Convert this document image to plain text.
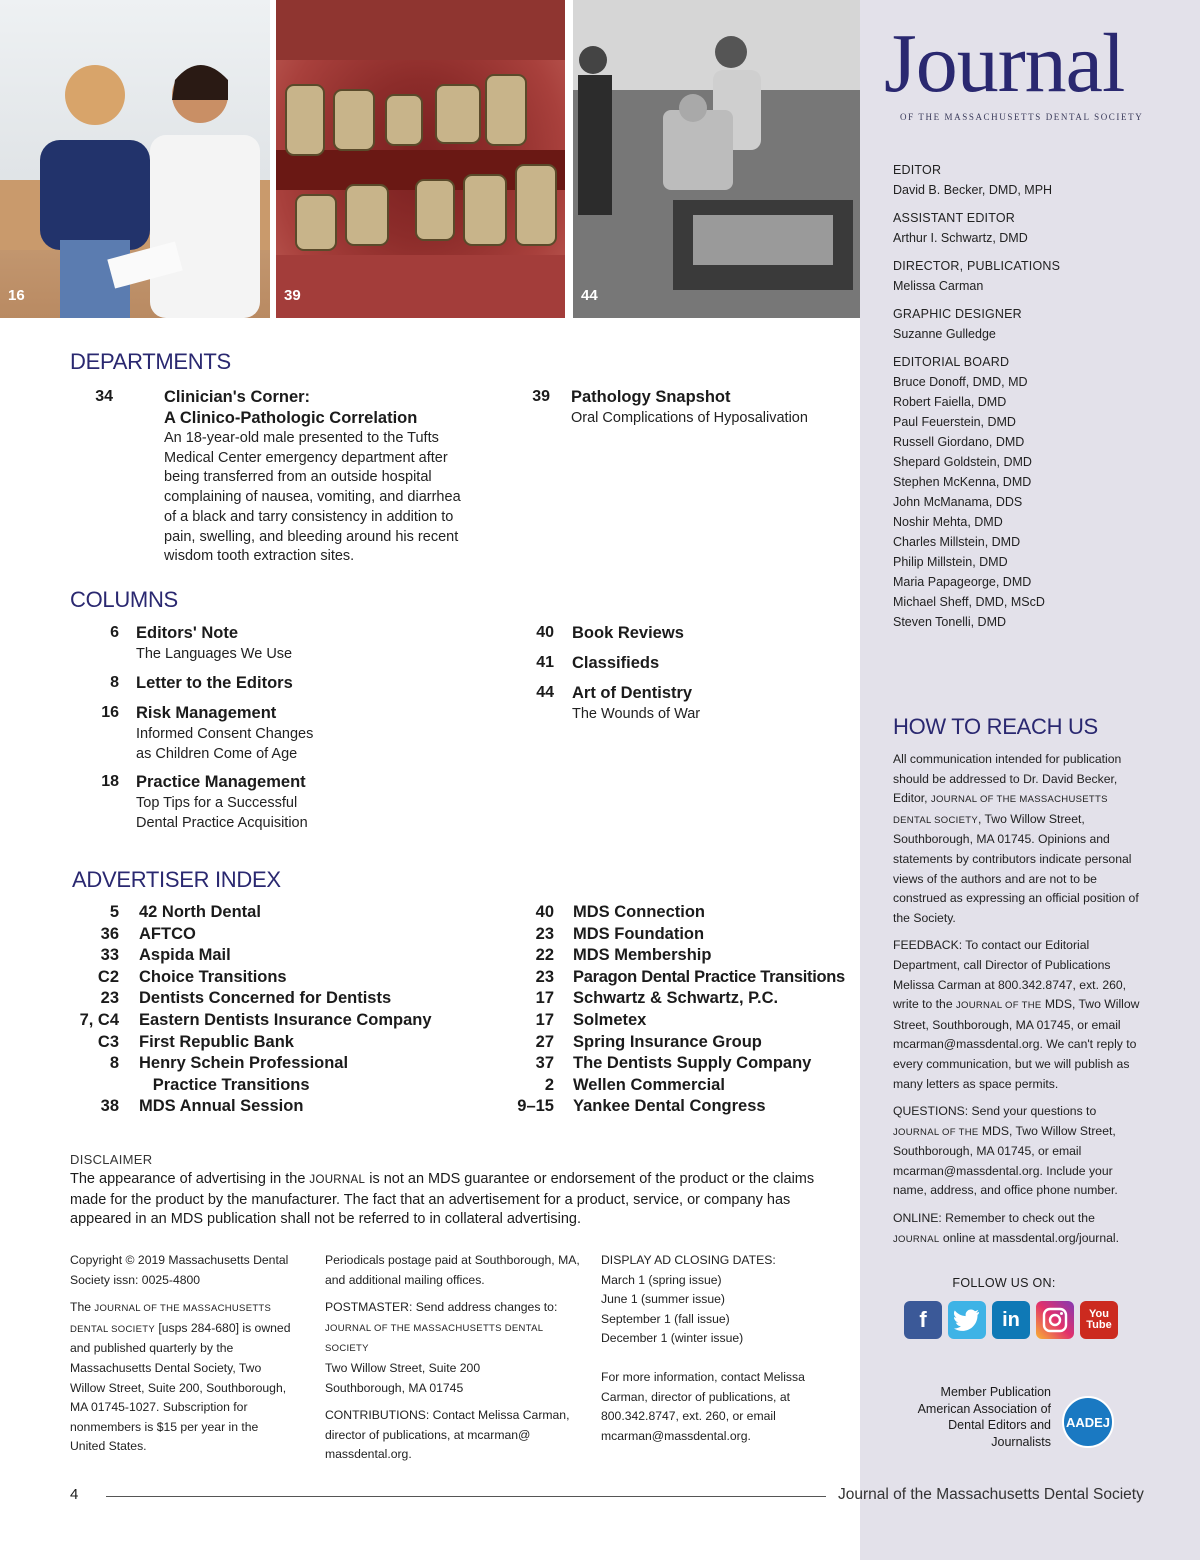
16	39	44
Journal
OF THE MASSACHUSETTS DENTAL SOCIETY
EDITOR
David B. Becker, DMD, MPH
ASSISTANT EDITOR
Arthur I. Schwartz, DMD
DIRECTOR, PUBLICATIONS
Melissa Carman
GRAPHIC DESIGNER
Suzanne Gulledge
EDITORIAL BOARD
Bruce Donoff, DMD, MD
Robert Faiella, DMD
Paul Feuerstein, DMD
Russell Giordano, DMD
Shepard Goldstein, DMD
Stephen McKenna, DMD
John McManama, DDS
Noshir Mehta, DMD
Charles Millstein, DMD
Philip Millstein, DMD
Maria Papageorge, DMD
Michael Sheff, DMD, MScD
Steven Tonelli, DMD
HOW TO REACH US

All communication intended for publication should be addressed to Dr. David Becker, Editor, JOURNAL OF THE MASSACHUSETTS DENTAL SOCIETY, Two Willow Street, Southborough, MA 01745. Opinions and statements by contributors indicate personal views of the authors and are not to be construed as expressing an official position of the Society.

FEEDBACK: To contact our Editorial Department, call Director of Publications Melissa Carman at 800.342.8747, ext. 260, write to the JOURNAL OF THE MDS, Two Willow Street, Southborough, MA 01745, or email mcarman@massdental.org. We can't reply to every communication, but we will publish as many letters as space permits.

QUESTIONS: Send your questions to JOURNAL OF THE MDS, Two Willow Street, Southborough, MA 01745, or email mcarman@massdental.org. Include your name, address, and office phone number.

ONLINE: Remember to check out the JOURNAL online at massdental.org/journal.

FOLLOW US ON:
f	in	You
Tube
Member Publication American Association of Dental Editors and Journalists
AADEJ
DEPARTMENTS
34	Clinician's Corner:
A Clinico-Pathologic Correlation
An 18-year-old male presented to the Tufts Medical Center emergency department after being transferred from an outside hospital complaining of nausea, vomiting, and diarrhea of a black and tarry consistency in addition to pain, swelling, and bleeding around his recent wisdom tooth extraction sites.
39 Pathology Snapshot
Oral Complications of Hyposalivation
COLUMNS
6 Editors' Note
The Languages We Use
8 Letter to the Editors
16 Risk Management
Informed Consent Changes
as Children Come of Age
18 Practice Management
Top Tips for a Successful
Dental Practice Acquisition
40 Book Reviews
41 Classifieds
44 Art of Dentistry
The Wounds of War
ADVERTISER INDEX
5 42 North Dental
36 AFTCO
33 Aspida Mail
C2 Choice Transitions
23 Dentists Concerned for Dentists
7, C4 Eastern Dentists Insurance Company
C3 First Republic Bank
8 Henry Schein Professional
Practice Transitions
38 MDS Annual Session
40 MDS Connection
23 MDS Foundation
22 MDS Membership
23 Paragon Dental Practice Transitions
17 Schwartz & Schwartz, P.C.
17 Solmetex
27 Spring Insurance Group
37 The Dentists Supply Company
2 Wellen Commercial
9–15 Yankee Dental Congress
DISCLAIMER
The appearance of advertising in the JOURNAL is not an MDS guarantee or endorsement of the product or the claims made for the product by the manufacturer. The fact that an advertisement for a product, service, or company has appeared in an MDS publication shall not be referred to in collateral advertising.

Copyright © 2019 Massachusetts Dental Society issn: 0025-4800

The JOURNAL OF THE MASSACHUSETTS DENTAL SOCIETY [usps 284-680] is owned and published quarterly by the Massachusetts Dental Society, Two Willow Street, Suite 200, Southborough, MA 01745-1027. Subscription for nonmembers is $15 per year in the United States.

Periodicals postage paid at Southborough, MA, and additional mailing offices.

POSTMASTER: Send address changes to:
JOURNAL OF THE MASSACHUSETTS DENTAL SOCIETY
Two Willow Street, Suite 200
Southborough, MA 01745

CONTRIBUTIONS: Contact Melissa Carman, director of publications, at mcarman@ massdental.org.

DISPLAY AD CLOSING DATES:
March 1 (spring issue)
June 1 (summer issue)
September 1 (fall issue)
December 1 (winter issue)
For more information, contact Melissa Carman, director of publications, at 800.342.8747, ext. 260, or email mcarman@massdental.org.
4	Journal of the Massachusetts Dental Society
